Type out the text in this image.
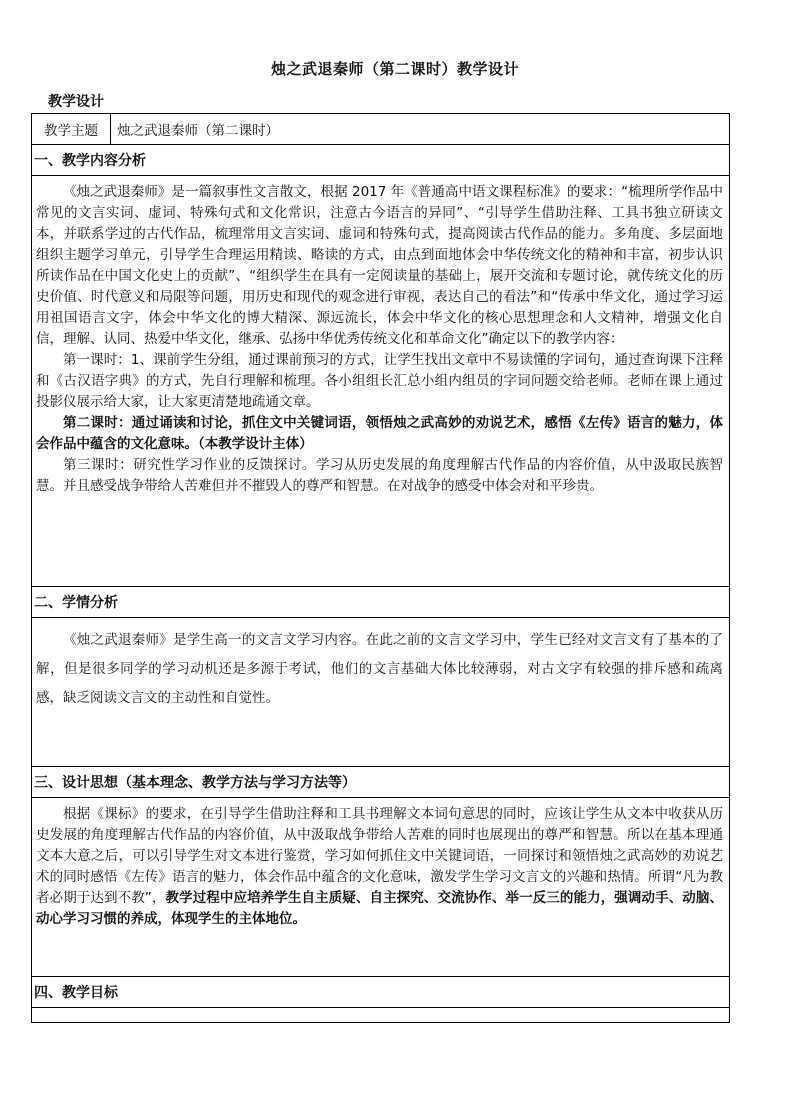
烛之武退秦师（第二课时）教学设计
教学设计
教学主题	烛之武退秦师（第二课时）
一、教学内容分析

《烛之武退秦师》是一篇叙事性文言散文，根据 2017 年《普通高中语文课程标准》的要求：“梳理所学作品中常见的文言实词、虚词、特殊句式和文化常识，注意古今语言的异同”、“引导学生借助注释、工具书独立研读文本，并联系学过的古代作品，梳理常用文言实词、虚词和特殊句式，提高阅读古代作品的能力。多角度、多层面地组织主题学习单元，引导学生合理运用精读、略读的方式，由点到面地体会中华传统文化的精神和丰富，初步认识所读作品在中国文化史上的贡献”、“组织学生在具有一定阅读量的基础上，展开交流和专题讨论，就传统文化的历史价值、时代意义和局限等问题，用历史和现代的观念进行审视，表达自己的看法”和“传承中华文化，通过学习运用祖国语言文字，体会中华文化的博大精深、源远流长，体会中华文化的核心思想理念和人文精神，增强文化自信，理解、认同、热爱中华文化，继承、弘扬中华优秀传统文化和革命文化”确定以下的教学内容：

第一课时：1、课前学生分组，通过课前预习的方式，让学生找出文章中不易读懂的字词句，通过查询课下注释和《古汉语字典》的方式，先自行理解和梳理。各小组组长汇总小组内组员的字词问题交给老师。老师在课上通过投影仪展示给大家，让大家更清楚地疏通文章。

第二课时：通过诵读和讨论，抓住文中关键词语，领悟烛之武高妙的劝说艺术，感悟《左传》语言的魅力，体会作品中蕴含的文化意味。（本教学设计主体）

第三课时：研究性学习作业的反馈探讨。学习从历史发展的角度理解古代作品的内容价值，从中汲取民族智慧。并且感受战争带给人苦难但并不摧毁人的尊严和智慧。在对战争的感受中体会对和平珍贵。

二、学情分析

《烛之武退秦师》是学生高一的文言文学习内容。在此之前的文言文学习中，学生已经对文言文有了基本的了解，但是很多同学的学习动机还是多源于考试，他们的文言基础大体比较薄弱，对古文字有较强的排斥感和疏离感，缺乏阅读文言文的主动性和自觉性。

三、设计思想（基本理念、教学方法与学习方法等）

根据《课标》的要求，在引导学生借助注释和工具书理解文本词句意思的同时，应该让学生从文本中收获从历史发展的角度理解古代作品的内容价值，从中汲取战争带给人苦难的同时也展现出的尊严和智慧。所以在基本理通文本大意之后，可以引导学生对文本进行鉴赏，学习如何抓住文中关键词语，一同探讨和领悟烛之武高妙的劝说艺术的同时感悟《左传》语言的魅力，体会作品中蕴含的文化意味，激发学生学习文言文的兴趣和热情。所谓“凡为教者必期于达到不教”，教学过程中应培养学生自主质疑、自主探究、交流协作、举一反三的能力，强调动手、动脑、动心学习习惯的养成，体现学生的主体地位。

四、教学目标
